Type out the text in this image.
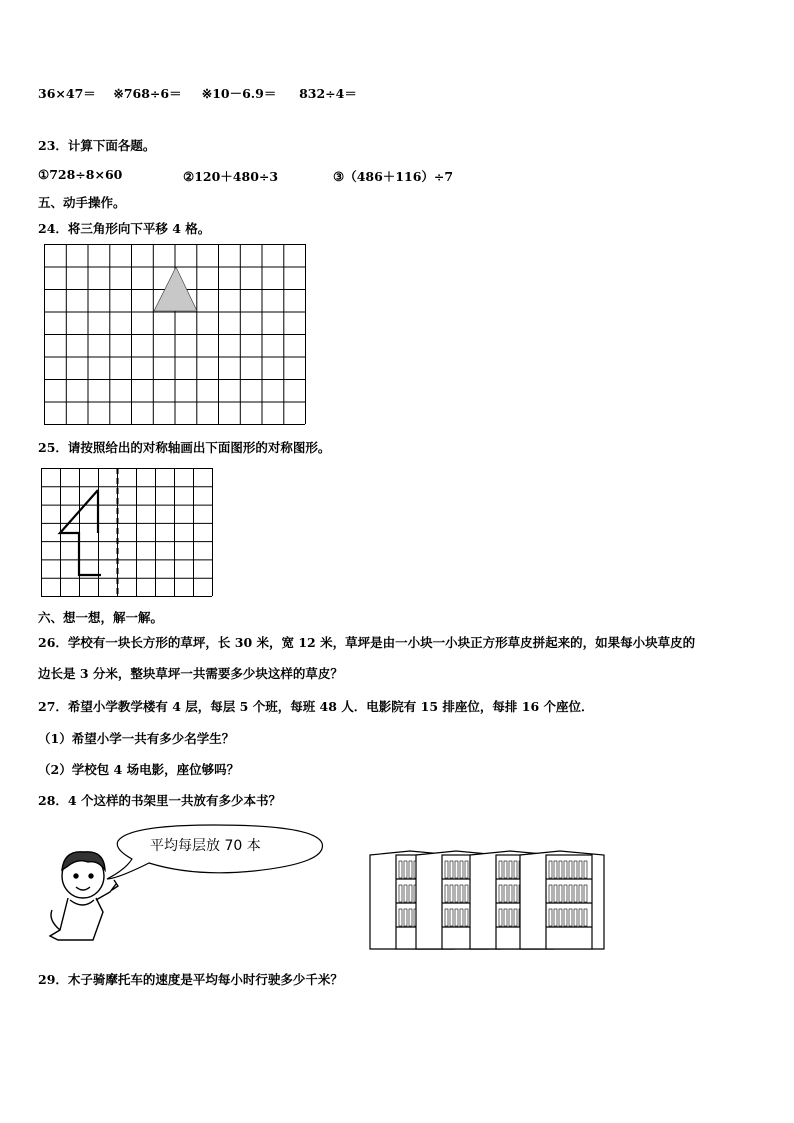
36×47＝ ※768÷6＝ ※10－6.9＝ 832÷4＝
23．计算下面各题。
①728÷8×60	②120＋480÷3	③（486＋116）÷7
五、动手操作。
24．将三角形向下平移 4 格。
25．请按照给出的对称轴画出下面图形的对称图形。
六、想一想，解一解。
26．学校有一块长方形的草坪，长 30 米，宽 12 米，草坪是由一小块一小块正方形草皮拼起来的，如果每小块草皮的
边长是 3 分米，整块草坪一共需要多少块这样的草皮？
27．希望小学教学楼有 4 层，每层 5 个班，每班 48 人．电影院有 15 排座位，每排 16 个座位．
（1）希望小学一共有多少名学生？
（2）学校包 4 场电影，座位够吗？
28．4 个这样的书架里一共放有多少本书？
平均每层放 70 本
29．木子骑摩托车的速度是平均每小时行驶多少千米？
